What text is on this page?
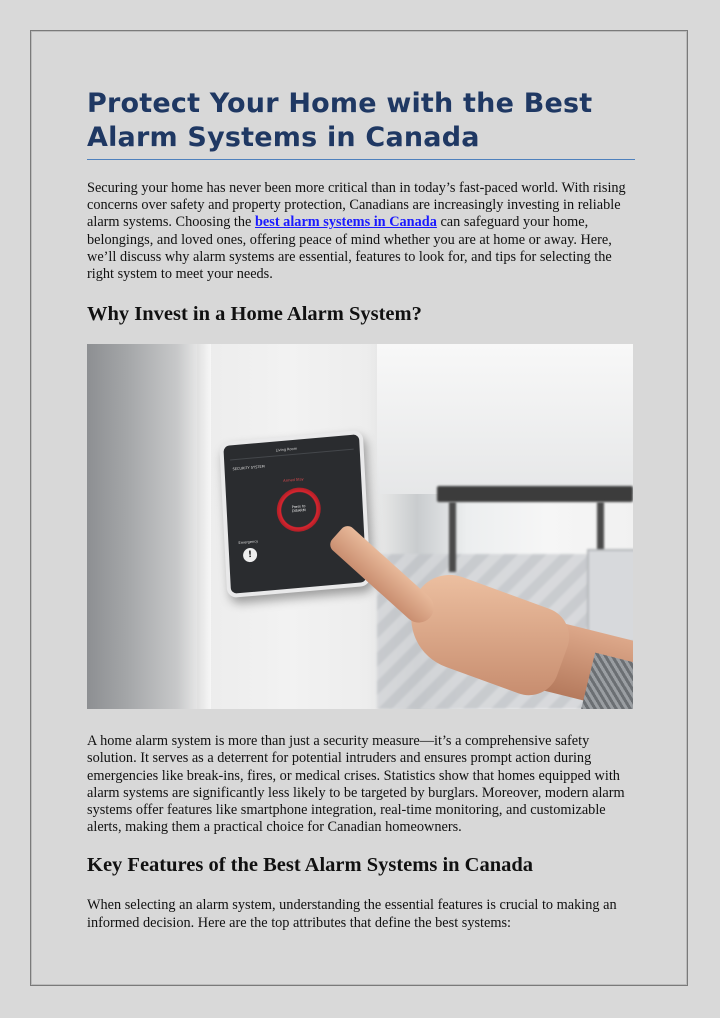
Protect Your Home with the Best
Alarm Systems in Canada

Securing your home has never been more critical than in today’s fast-paced world. With rising concerns over safety and property protection, Canadians are increasingly investing in reliable alarm systems. Choosing the best alarm systems in Canada can safeguard your home, belongings, and loved ones, offering peace of mind whether you are at home or away. Here, we’ll discuss why alarm systems are essential, features to look for, and tips for selecting the right system to meet your needs.

Why Invest in a Home Alarm System?
Living Room
SECURITY SYSTEM
Armed Stay
Press to DISARM
Emergency
!

A home alarm system is more than just a security measure—it’s a comprehensive safety solution. It serves as a deterrent for potential intruders and ensures prompt action during emergencies like break-ins, fires, or medical crises. Statistics show that homes equipped with alarm systems are significantly less likely to be targeted by burglars. Moreover, modern alarm systems offer features like smartphone integration, real-time monitoring, and customizable alerts, making them a practical choice for Canadian homeowners.

Key Features of the Best Alarm Systems in Canada

When selecting an alarm system, understanding the essential features is crucial to making an informed decision. Here are the top attributes that define the best systems:
